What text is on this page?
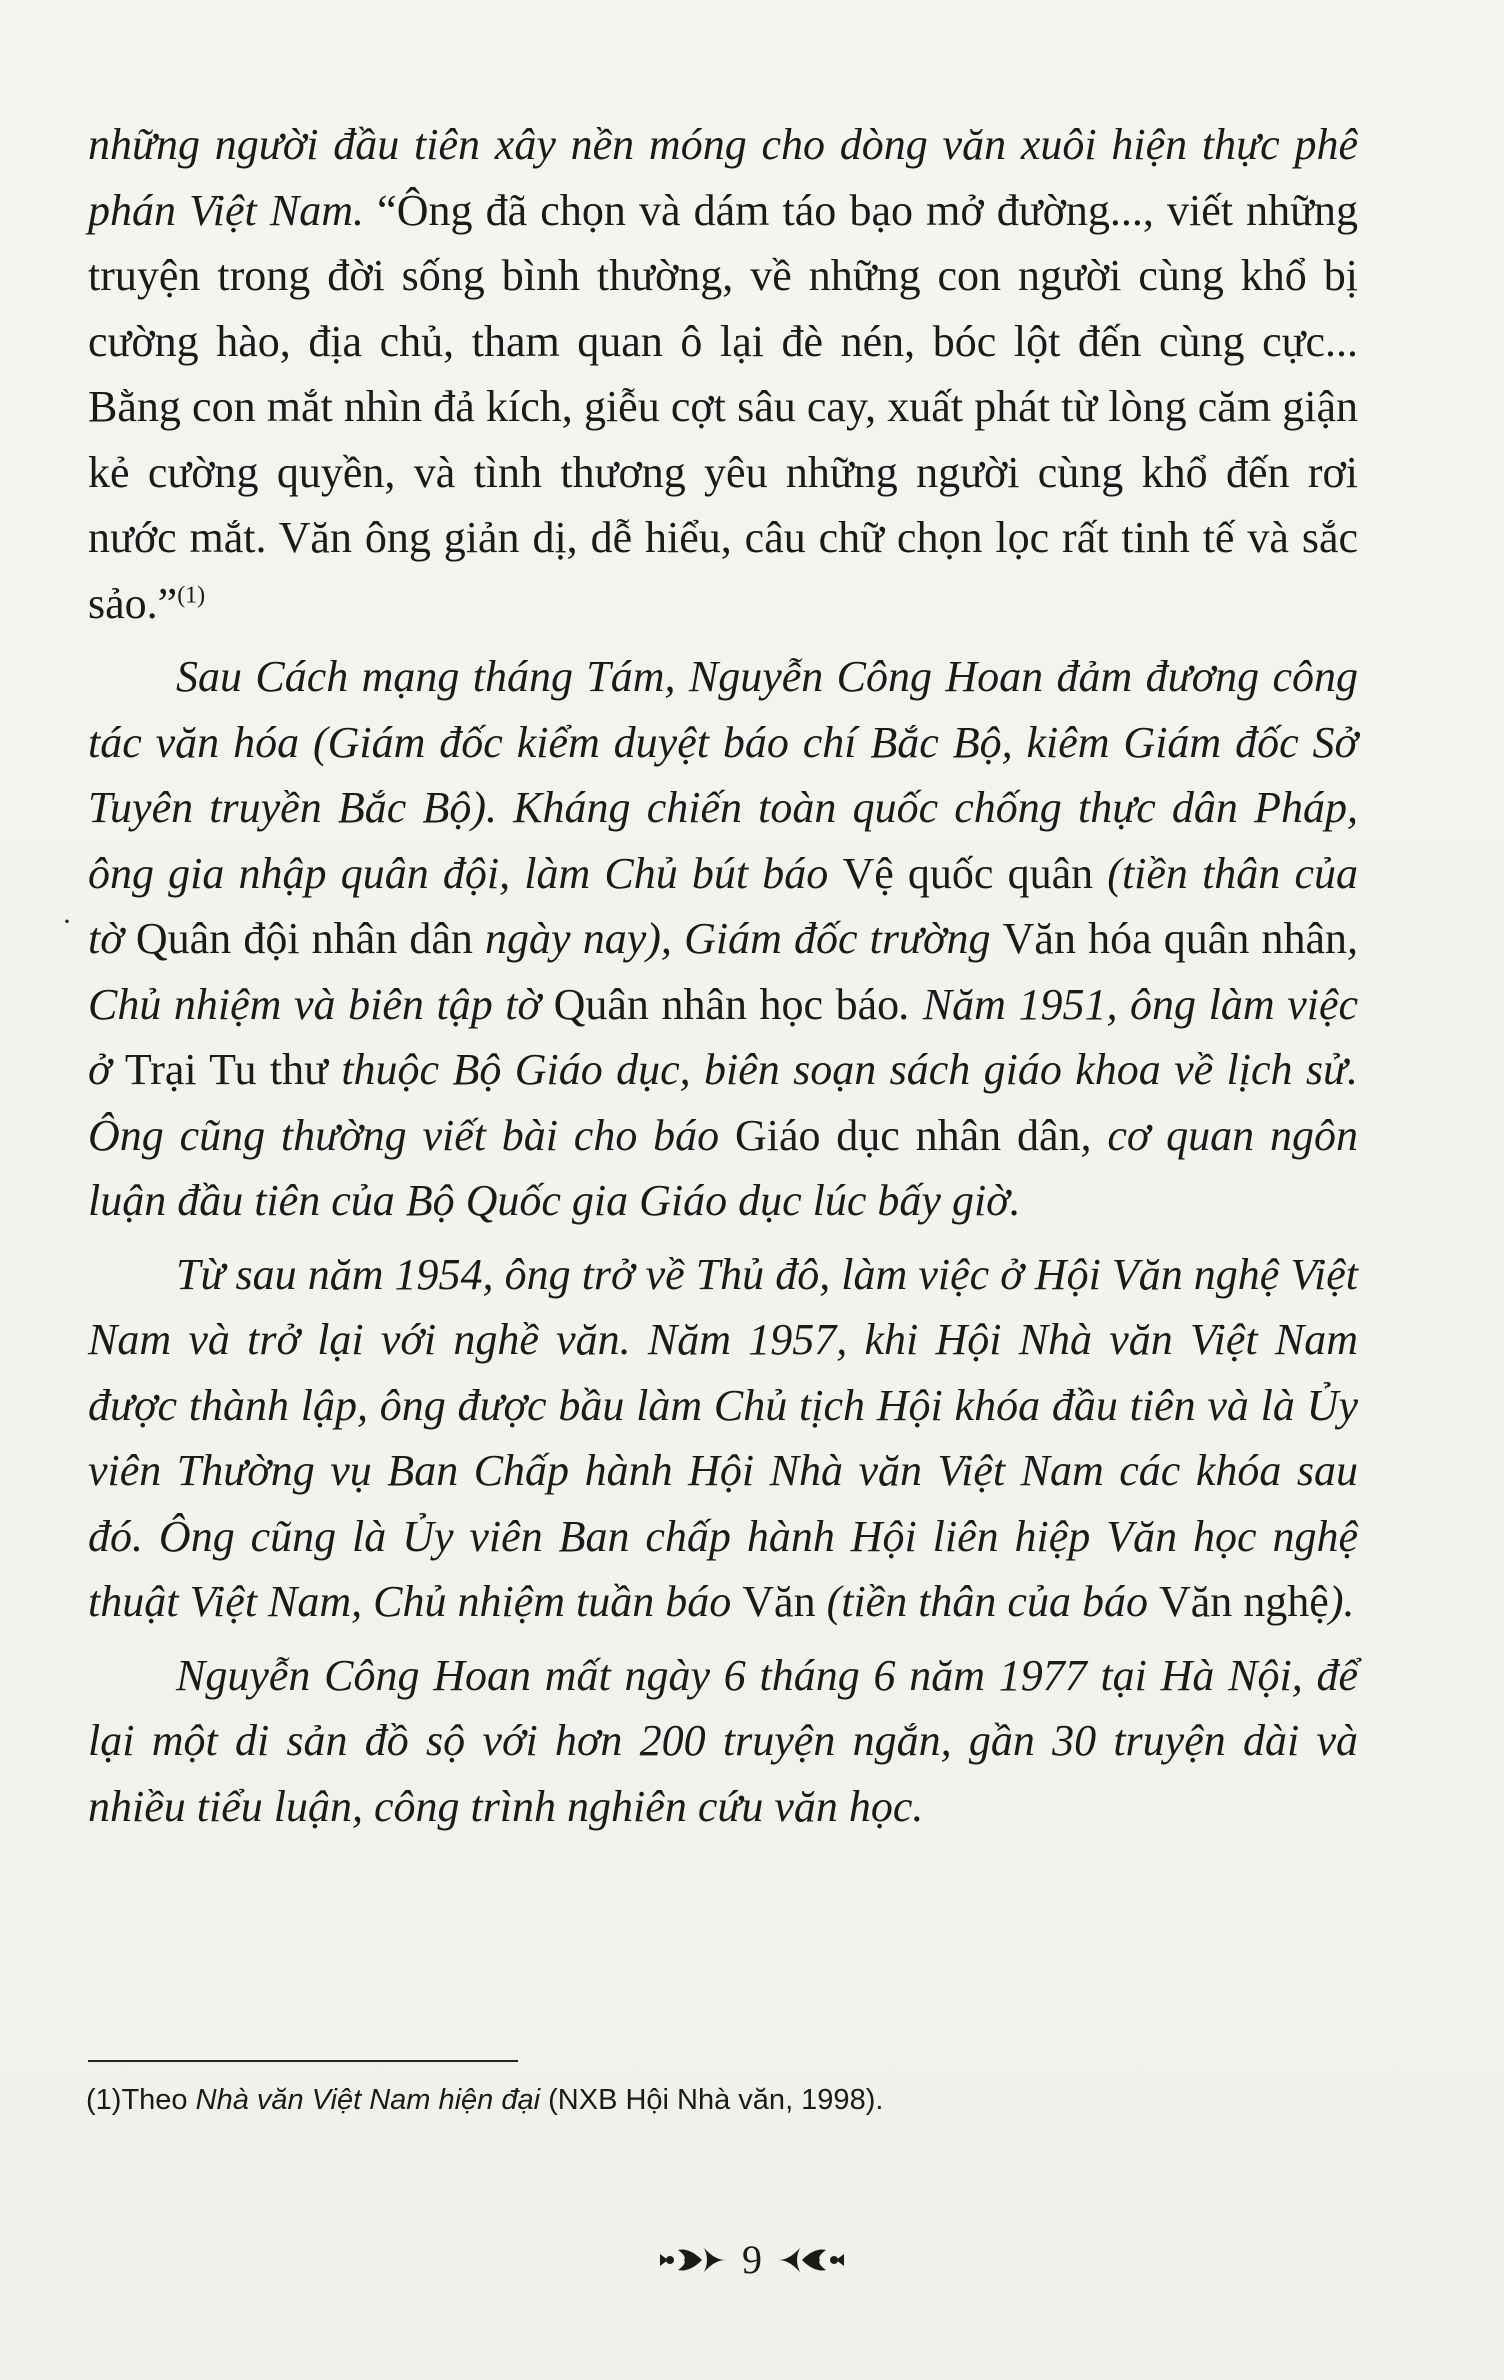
·

những người đầu tiên xây nền móng cho dòng văn xuôi hiện thực phê phán Việt Nam. “Ông đã chọn và dám táo bạo mở đường..., viết những truyện trong đời sống bình thường, về những con người cùng khổ bị cường hào, địa chủ, tham quan ô lại đè nén, bóc lột đến cùng cực... Bằng con mắt nhìn đả kích, giễu cợt sâu cay, xuất phát từ lòng căm giận kẻ cường quyền, và tình thương yêu những người cùng khổ đến rơi nước mắt. Văn ông giản dị, dễ hiểu, câu chữ chọn lọc rất tinh tế và sắc sảo.”$^{(1)}$

Sau Cách mạng tháng Tám, Nguyễn Công Hoan đảm đương công tác văn hóa (Giám đốc kiểm duyệt báo chí Bắc Bộ, kiêm Giám đốc Sở Tuyên truyền Bắc Bộ). Kháng chiến toàn quốc chống thực dân Pháp, ông gia nhập quân đội, làm Chủ bút báo Vệ quốc quân (tiền thân của tờ Quân đội nhân dân ngày nay), Giám đốc trường Văn hóa quân nhân, Chủ nhiệm và biên tập tờ Quân nhân học báo. Năm 1951, ông làm việc ở Trại Tu thư thuộc Bộ Giáo dục, biên soạn sách giáo khoa về lịch sử. Ông cũng thường viết bài cho báo Giáo dục nhân dân, cơ quan ngôn luận đầu tiên của Bộ Quốc gia Giáo dục lúc bấy giờ.

Từ sau năm 1954, ông trở về Thủ đô, làm việc ở Hội Văn nghệ Việt Nam và trở lại với nghề văn. Năm 1957, khi Hội Nhà văn Việt Nam được thành lập, ông được bầu làm Chủ tịch Hội khóa đầu tiên và là Ủy viên Thường vụ Ban Chấp hành Hội Nhà văn Việt Nam các khóa sau đó. Ông cũng là Ủy viên Ban chấp hành Hội liên hiệp Văn học nghệ thuật Việt Nam, Chủ nhiệm tuần báo Văn (tiền thân của báo Văn nghệ).

Nguyễn Công Hoan mất ngày 6 tháng 6 năm 1977 tại Hà Nội, để lại một di sản đồ sộ với hơn 200 truyện ngắn, gần 30 truyện dài và nhiều tiểu luận, công trình nghiên cứu văn học.

(1)Theo Nhà văn Việt Nam hiện đại (NXB Hội Nhà văn, 1998).
9
